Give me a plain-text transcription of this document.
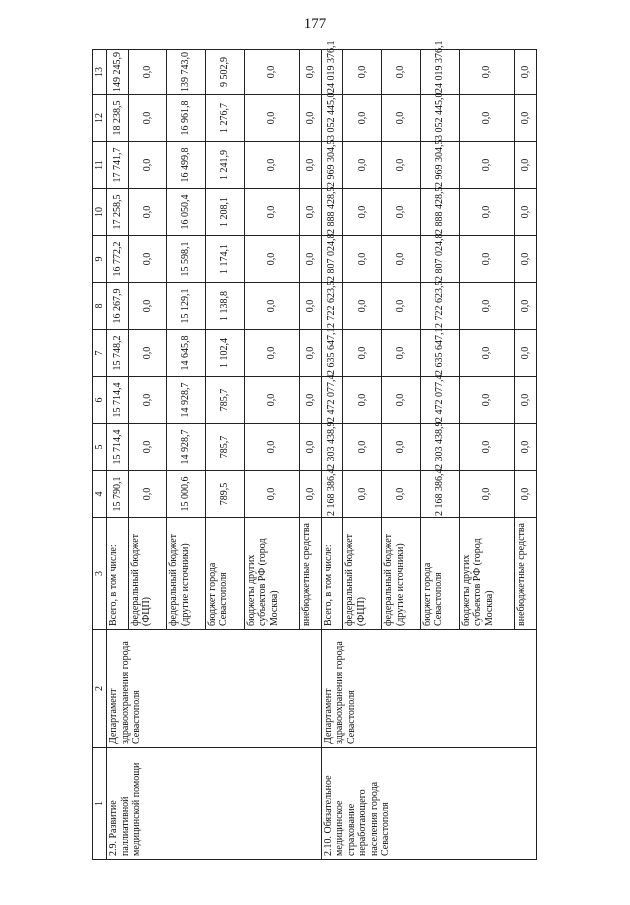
177
1	2	3	4	5	6	7	8	9	10	11	12	13
2.9. Развитие паллиативной медицинской помощи	Департамент здравоохранения города Севастополя	Всего, в том числе:	15 790,1	15 714,4	15 714,4	15 748,2	16 267,9	16 772,2	17 258,5	17 741,7	18 238,5	149 245,9
		федеральный бюджет (ФЦП)	0,0	0,0	0,0	0,0	0,0	0,0	0,0	0,0	0,0	0,0
		федеральный бюджет (другие источники)	15 000,6	14 928,7	14 928,7	14 645,8	15 129,1	15 598,1	16 050,4	16 499,8	16 961,8	139 743,0
		бюджет города Севастополя	789,5	785,7	785,7	1 102,4	1 138,8	1 174,1	1 208,1	1 241,9	1 276,7	9 502,9
		бюджеты других субъектов РФ (город Москва)	0,0	0,0	0,0	0,0	0,0	0,0	0,0	0,0	0,0	0,0
		внебюджетные средства	0,0	0,0	0,0	0,0	0,0	0,0	0,0	0,0	0,0	0,0
2.10. Обязательное медицинское страхование неработающего населения города Севастополя	Департамент здравоохранения города Севастополя	Всего, в том числе:	2 168 386,4	2 303 438,9	2 472 077,4	2 635 647,1	2 722 623,5	2 807 024,8	2 888 428,5	2 969 304,5	3 052 445,0	24 019 376,1
		федеральный бюджет (ФЦП)	0,0	0,0	0,0	0,0	0,0	0,0	0,0	0,0	0,0	0,0
		федеральный бюджет (другие источники)	0,0	0,0	0,0	0,0	0,0	0,0	0,0	0,0	0,0	0,0
		бюджет города Севастополя	2 168 386,4	2 303 438,9	2 472 077,4	2 635 647,1	2 722 623,5	2 807 024,8	2 888 428,5	2 969 304,5	3 052 445,0	24 019 376,1
		бюджеты других субъектов РФ (город Москва)	0,0	0,0	0,0	0,0	0,0	0,0	0,0	0,0	0,0	0,0
		внебюджетные средства	0,0	0,0	0,0	0,0	0,0	0,0	0,0	0,0	0,0	0,0
